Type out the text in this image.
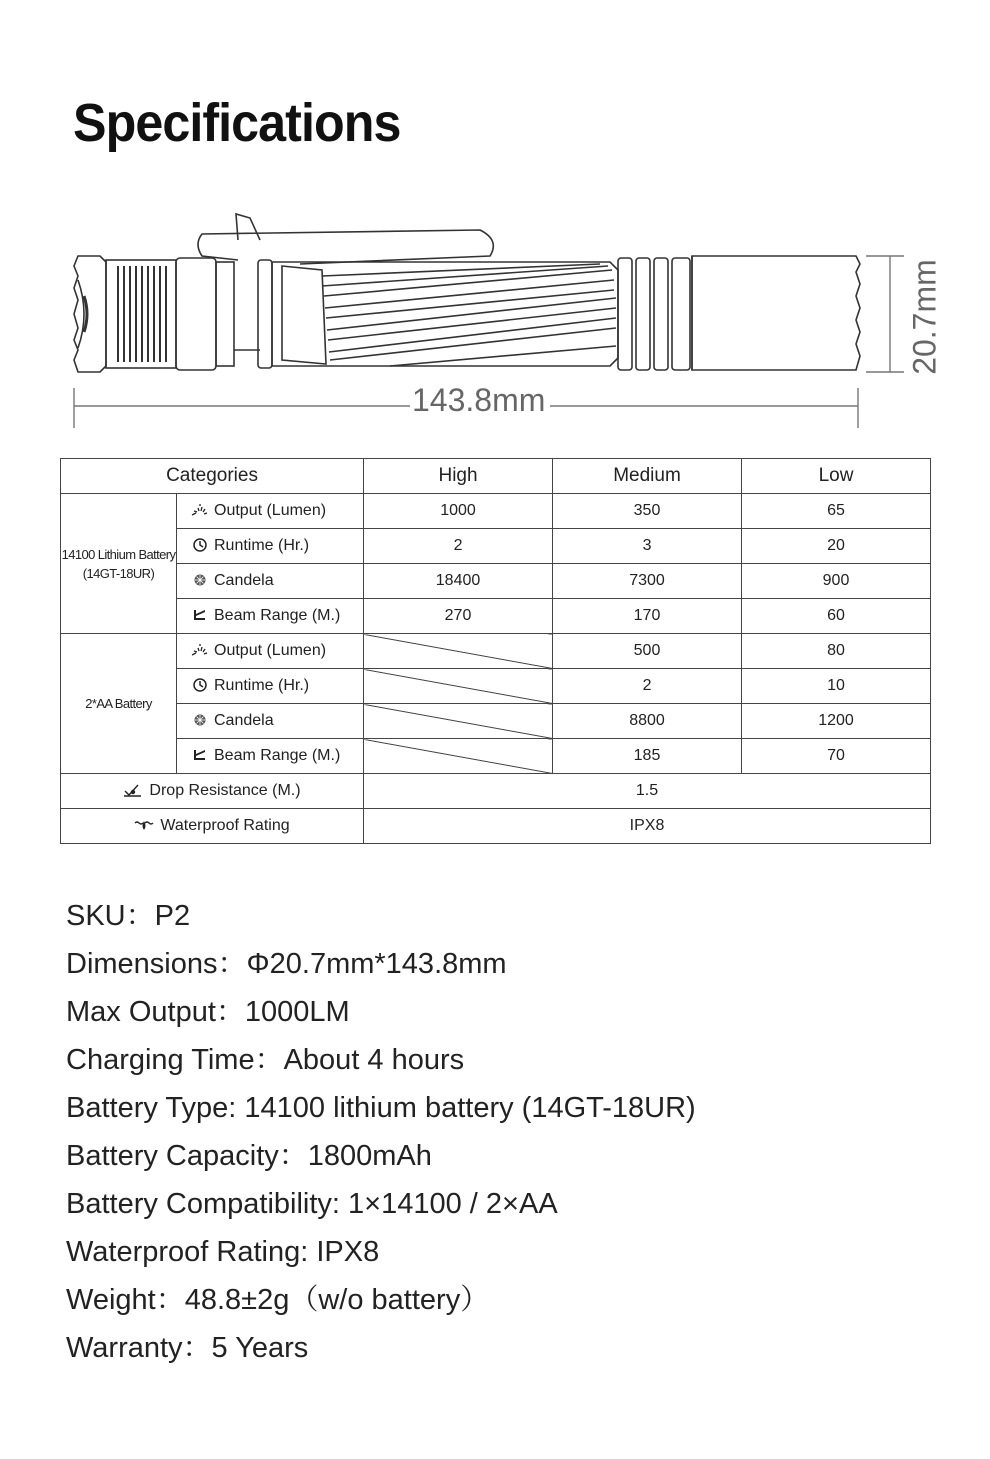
Specifications
143.8mm
20.7mm
Categories		High	Medium	Low

14100 Lithium Battery
(14GT-18UR)	Output (Lumen)	1000	350	65
	Runtime (Hr.)	2	3	20
	Candela	18400	7300	900
	Beam Range (M.)	270	170	60
2*AA Battery	Output (Lumen)		500	80
	Runtime (Hr.)		2	10
	Candela		8800	1200
	Beam Range (M.)		185	70
Drop Resistance (M.)		1.5		
Waterproof Rating		IPX8		
SKU：P2
Dimensions：Φ20.7mm*143.8mm
Max Output：1000LM
Charging Time：About 4 hours
Battery Type: 14100 lithium battery (14GT-18UR)
Battery Capacity：1800mAh
Battery Compatibility: 1×14100 / 2×AA
Waterproof Rating: IPX8
Weight：48.8±2g（w/o battery）
Warranty：5 Years
